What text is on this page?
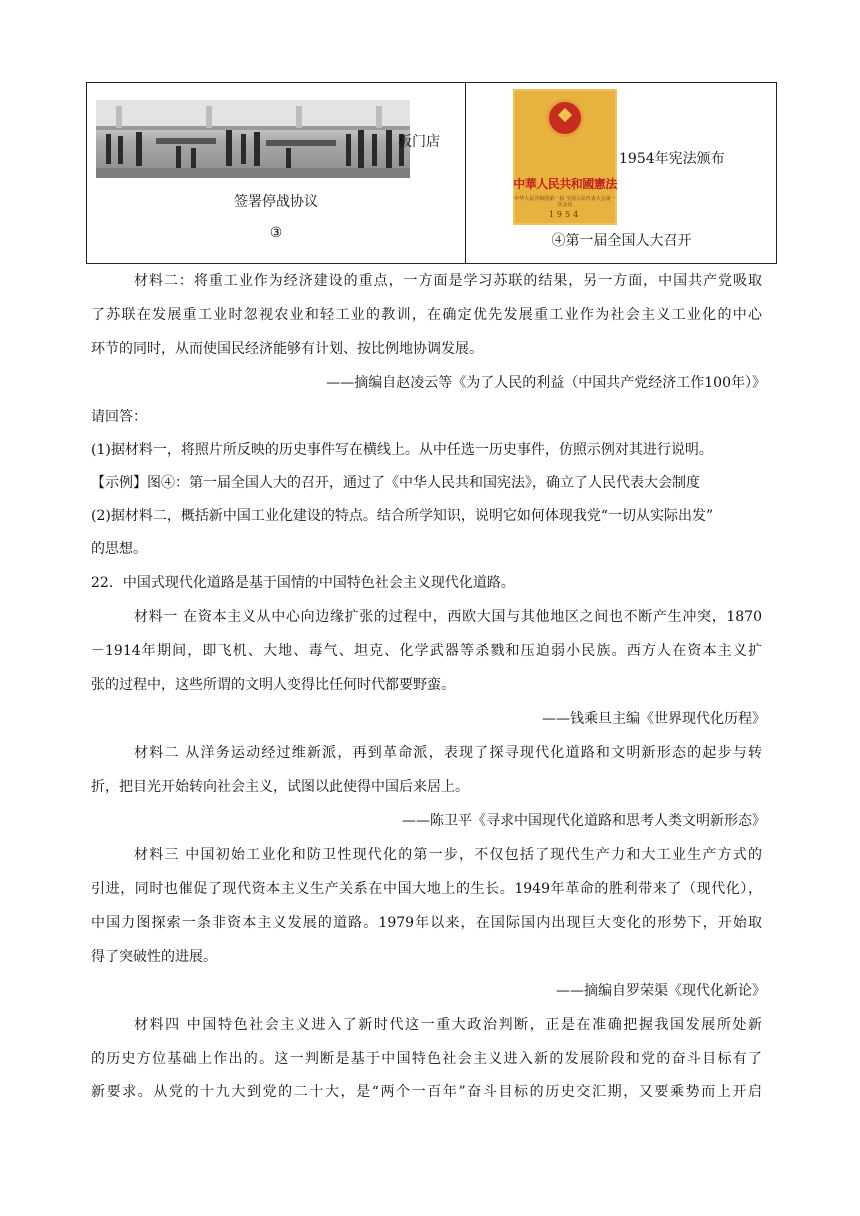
板门店
签署停战协议
③
中華人民共和國憲法
中华人民共和国第一届 全国人民代表大会第一次会议
1954
1954年宪法颁布
④第一届全国人大召开
材料二：将重工业作为经济建设的重点，一方面是学习苏联的结果，另一方面，中国共产党吸取
了苏联在发展重工业时忽视农业和轻工业的教训，在确定优先发展重工业作为社会主义工业化的中心
环节的同时，从而使国民经济能够有计划、按比例地协调发展。
——摘编自赵凌云等《为了人民的利益（中国共产党经济工作100年）》
请回答：
(1)据材料一，将照片所反映的历史事件写在横线上。从中任选一历史事件，仿照示例对其进行说明。
【示例】图④：第一届全国人大的召开，通过了《中华人民共和国宪法》，确立了人民代表大会制度
(2)据材料二，概括新中国工业化建设的特点。结合所学知识，说明它如何体现我党“一切从实际出发”
的思想。
22．中国式现代化道路是基于国情的中国特色社会主义现代化道路。
材料一 在资本主义从中心向边缘扩张的过程中，西欧大国与其他地区之间也不断产生冲突，1870
－1914年期间，即飞机、大地、毒气、坦克、化学武器等杀戮和压迫弱小民族。西方人在资本主义扩
张的过程中，这些所谓的文明人变得比任何时代都要野蛮。
——钱乘旦主编《世界现代化历程》
材料二 从洋务运动经过维新派，再到革命派，表现了探寻现代化道路和文明新形态的起步与转
折，把目光开始转向社会主义，试图以此使得中国后来居上。
——陈卫平《寻求中国现代化道路和思考人类文明新形态》
材料三 中国初始工业化和防卫性现代化的第一步，不仅包括了现代生产力和大工业生产方式的
引进，同时也催促了现代资本主义生产关系在中国大地上的生长。1949年革命的胜利带来了（现代化），
中国力图探索一条非资本主义发展的道路。1979年以来，在国际国内出现巨大变化的形势下，开始取
得了突破性的进展。
——摘编自罗荣渠《现代化新论》
材料四 中国特色社会主义进入了新时代这一重大政治判断，正是在准确把握我国发展所处新
的历史方位基础上作出的。这一判断是基于中国特色社会主义进入新的发展阶段和党的奋斗目标有了
新要求。从党的十九大到党的二十大，是“两个一百年”奋斗目标的历史交汇期，又要乘势而上开启
